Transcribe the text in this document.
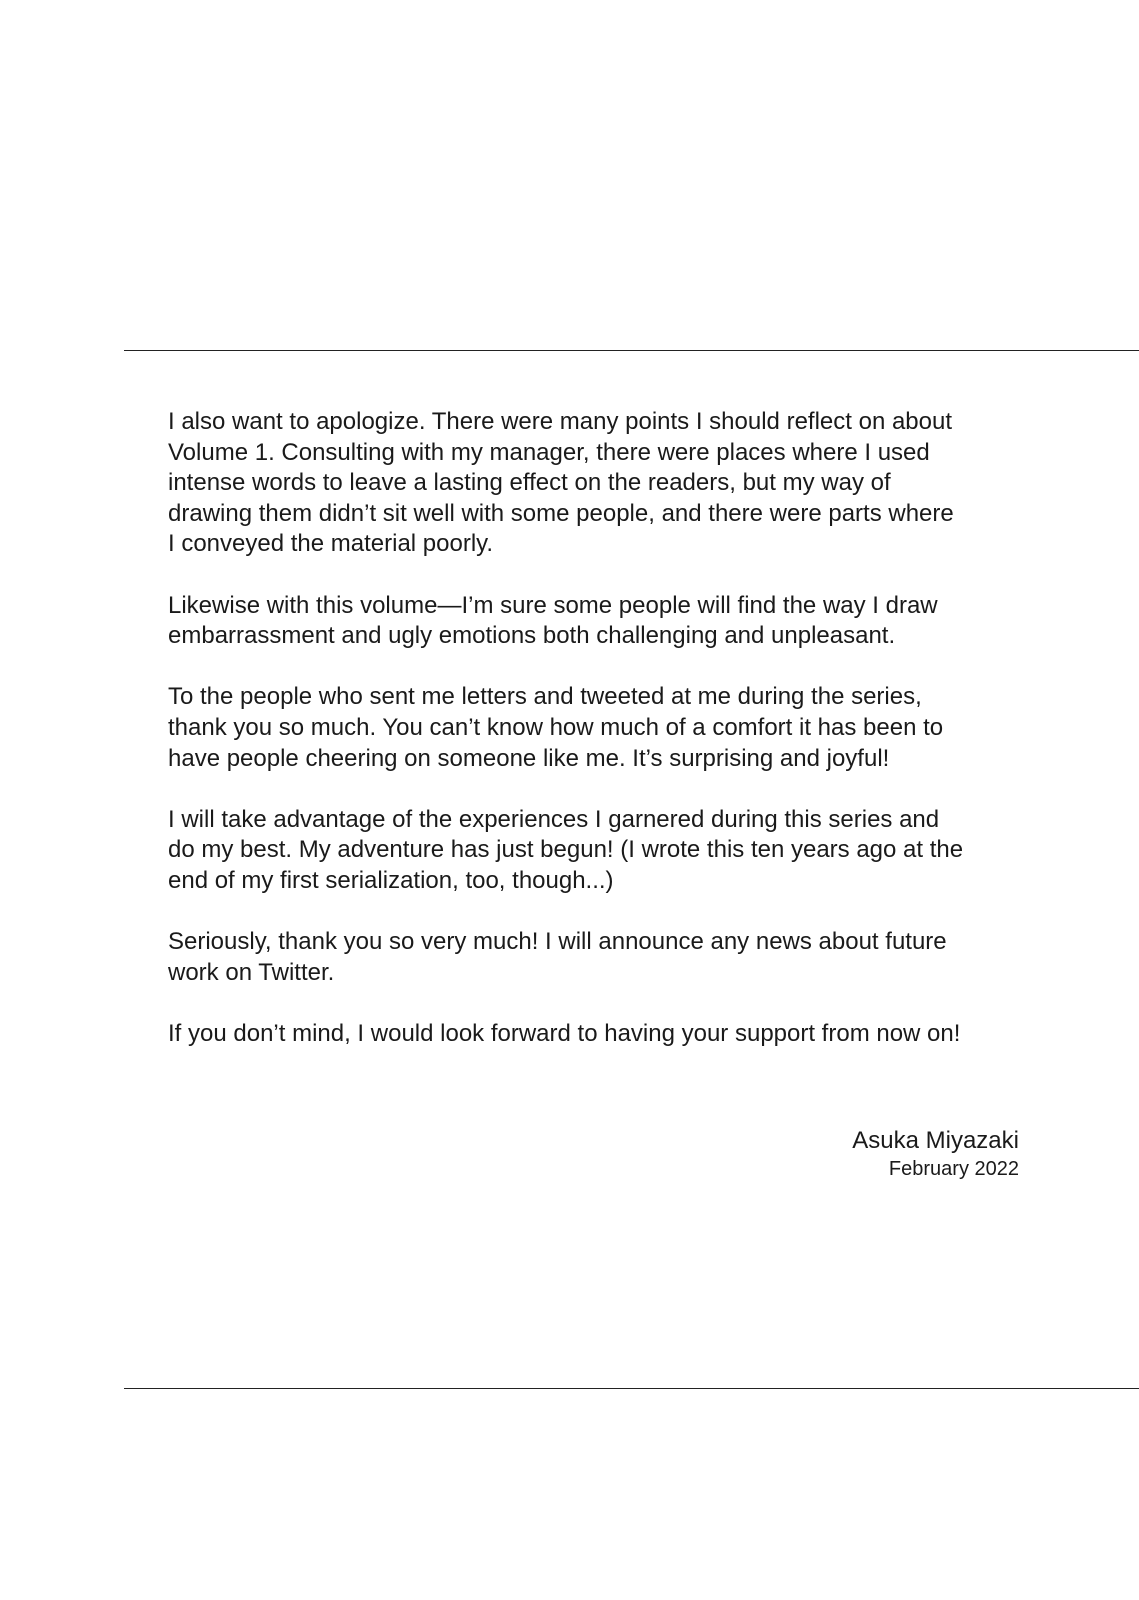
I also want to apologize. There were many points I should reflect on about
Volume 1. Consulting with my manager, there were places where I used
intense words to leave a lasting effect on the readers, but my way of
drawing them didn’t sit well with some people, and there were parts where
I conveyed the material poorly.

Likewise with this volume—I’m sure some people will find the way I draw
embarrassment and ugly emotions both challenging and unpleasant.

To the people who sent me letters and tweeted at me during the series,
thank you so much. You can’t know how much of a comfort it has been to
have people cheering on someone like me. It’s surprising and joyful!

I will take advantage of the experiences I garnered during this series and
do my best. My adventure has just begun! (I wrote this ten years ago at the
end of my first serialization, too, though...)

Seriously, thank you so very much! I will announce any news about future
work on Twitter.

If you don’t mind, I would look forward to having your support from now on!

Asuka Miyazaki
February 2022
